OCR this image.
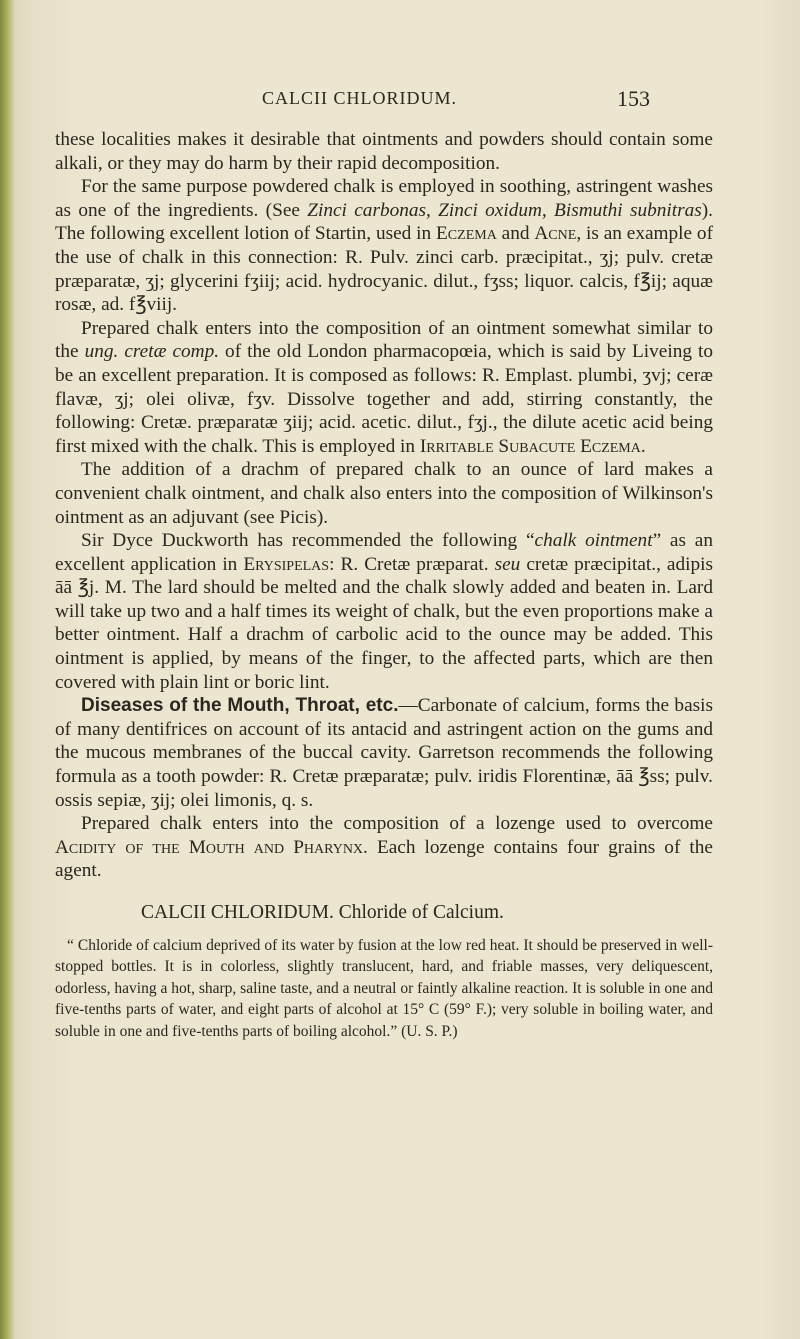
CALCII CHLORIDUM.	153

these localities makes it desirable that ointments and powders should contain some alkali, or they may do harm by their rapid decomposition.

For the same purpose powdered chalk is employed in soothing, astringent washes as one of the ingredients. (See Zinci carbonas, Zinci oxidum, Bismuthi subnitras). The following excellent lotion of Startin, used in Eczema and Acne, is an example of the use of chalk in this connection: R. Pulv. zinci carb. præcipitat., ʒj; pulv. cretæ præparatæ, ʒj; glycerini fʒiij; acid. hydrocyanic. dilut., fʒss; liquor. calcis, f℥ij; aquæ rosæ, ad. f℥viij.

Prepared chalk enters into the composition of an ointment somewhat similar to the ung. cretæ comp. of the old London pharmacopœia, which is said by Liveing to be an excellent preparation. It is composed as follows: R. Emplast. plumbi, ʒvj; ceræ flavæ, ʒj; olei olivæ, fʒv. Dissolve together and add, stirring constantly, the following: Cretæ. præparatæ ʒiij; acid. acetic. dilut., fʒj., the dilute acetic acid being first mixed with the chalk. This is employed in Irritable Subacute Eczema.

The addition of a drachm of prepared chalk to an ounce of lard makes a convenient chalk ointment, and chalk also enters into the composition of Wilkinson's ointment as an adjuvant (see Picis).

Sir Dyce Duckworth has recommended the following “chalk ointment” as an excellent application in Erysipelas: R. Cretæ præparat. seu cretæ præcipitat., adipis āā ℥j. M. The lard should be melted and the chalk slowly added and beaten in. Lard will take up two and a half times its weight of chalk, but the even proportions make a better ointment. Half a drachm of carbolic acid to the ounce may be added. This ointment is applied, by means of the finger, to the affected parts, which are then covered with plain lint or boric lint.

Diseases of the Mouth, Throat, etc.—Carbonate of calcium, forms the basis of many dentifrices on account of its antacid and astringent action on the gums and the mucous membranes of the buccal cavity. Garretson recommends the following formula as a tooth powder: R. Cretæ præparatæ; pulv. iridis Florentinæ, āā ℥ss; pulv. ossis sepiæ, ʒij; olei limonis, q. s.

Prepared chalk enters into the composition of a lozenge used to overcome Acidity of the Mouth and Pharynx. Each lozenge contains four grains of the agent.

CALCII CHLORIDUM. Chloride of Calcium.

“ Chloride of calcium deprived of its water by fusion at the low red heat. It should be preserved in well-stopped bottles. It is in colorless, slightly translucent, hard, and friable masses, very deliquescent, odorless, having a hot, sharp, saline taste, and a neutral or faintly alkaline reaction. It is soluble in one and five-tenths parts of water, and eight parts of alcohol at 15° C (59° F.); very soluble in boiling water, and soluble in one and five-tenths parts of boiling alcohol.” (U. S. P.)
